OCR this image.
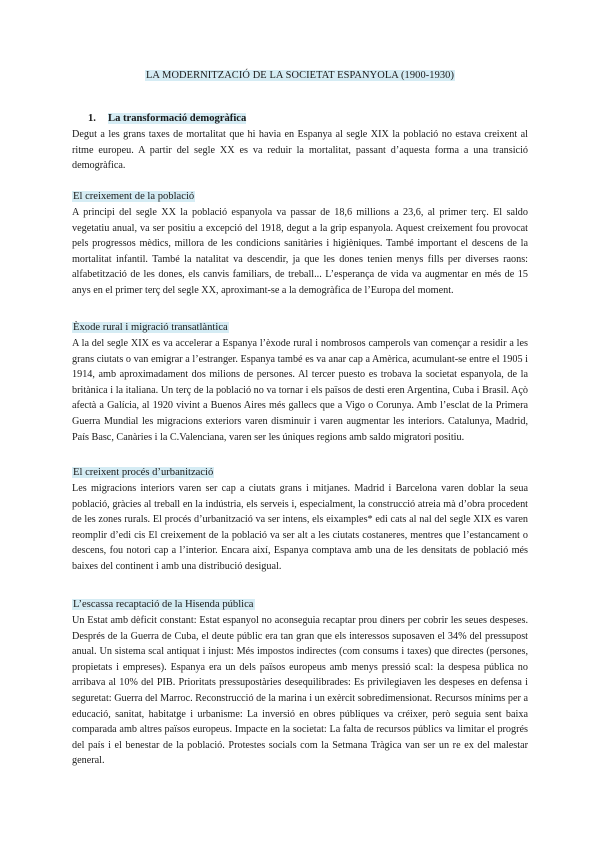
LA MODERNITZACIÓ DE LA SOCIETAT ESPANYOLA (1900-1930)
1. La transformació demogràfica

Degut a les grans taxes de mortalitat que hi havia en Espanya al segle XIX la població no estava creixent al ritme europeu. A partir del segle XX es va reduir la mortalitat, passant d’aquesta forma a una transició demogràfica.

El creixement de la població

A principi del segle XX la població espanyola va passar de 18,6 millions a 23,6, al primer terç. El saldo vegetatiu anual, va ser positiu a excepció del 1918, degut a la grip espanyola. Aquest creixement fou provocat pels progressos mèdics, millora de les condicions sanitàries i higièniques. També important el descens de la mortalitat infantil. També la natalitat va descendir, ja que les dones tenien menys fills per diverses raons: alfabetització de les dones, els canvis familiars, de treball... L’esperança de vida va augmentar en més de 15 anys en el primer terç del segle XX, aproximant-se a la demogràfica de l’Europa del moment.

Èxode rural i migració transatlàntica

A la del segle XIX es va accelerar a Espanya l’èxode rural i nombrosos camperols van començar a residir a les grans ciutats o van emigrar a l’estranger. Espanya també es va anar cap a Amèrica, acumulant-se entre el 1905 i 1914, amb aproximadament dos milions de persones. Al tercer puesto es trobava la societat espanyola, de la britànica i la italiana. Un terç de la població no va tornar i els països de desti eren Argentina, Cuba i Brasil. Açò afectà a Galícia, al 1920 vivint a Buenos Aires més gallecs que a Vigo o Corunya. Amb l’esclat de la Primera Guerra Mundial les migracions exteriors varen disminuir i varen augmentar les interiors. Catalunya, Madrid, País Basc, Canàries i la C.Valenciana, varen ser les úniques regions amb saldo migratori positiu.

El creixent procés d’urbanització

Les migracions interiors varen ser cap a ciutats grans i mitjanes. Madrid i Barcelona varen doblar la seua població, gràcies al treball en la indústria, els serveis i, especialment, la construcció atreia mà d’obra procedent de les zones rurals. El procés d’urbanització va ser intens, els eixamples* edi cats al nal del segle XIX es varen reomplir d’edi cis El creixement de la població va ser alt a les ciutats costaneres, mentres que l’estancament o descens, fou notori cap a l’interior. Encara així, Espanya comptava amb una de les densitats de població més baixes del continent i amb una distribució desigual.

L’escassa recaptació de la Hisenda pública

Un Estat amb dèficit constant: Estat espanyol no aconseguia recaptar prou diners per cobrir les seues despeses. Després de la Guerra de Cuba, el deute públic era tan gran que els interessos suposaven el 34% del pressupost anual. Un sistema scal antiquat i injust: Més impostos indirectes (com consums i taxes) que directes (persones, propietats i empreses). Espanya era un dels països europeus amb menys pressió scal: la despesa pública no arribava al 10% del PIB. Prioritats pressupostàries desequilibrades: Es privilegiaven les despeses en defensa i seguretat: Guerra del Marroc. Reconstrucció de la marina i un exèrcit sobredimensionat. Recursos mínims per a educació, sanitat, habitatge i urbanisme: La inversió en obres públiques va créixer, però seguia sent baixa comparada amb altres països europeus. Impacte en la societat: La falta de recursos públics va limitar el progrés del país i el benestar de la població. Protestes socials com la Setmana Tràgica van ser un re ex del malestar general.
